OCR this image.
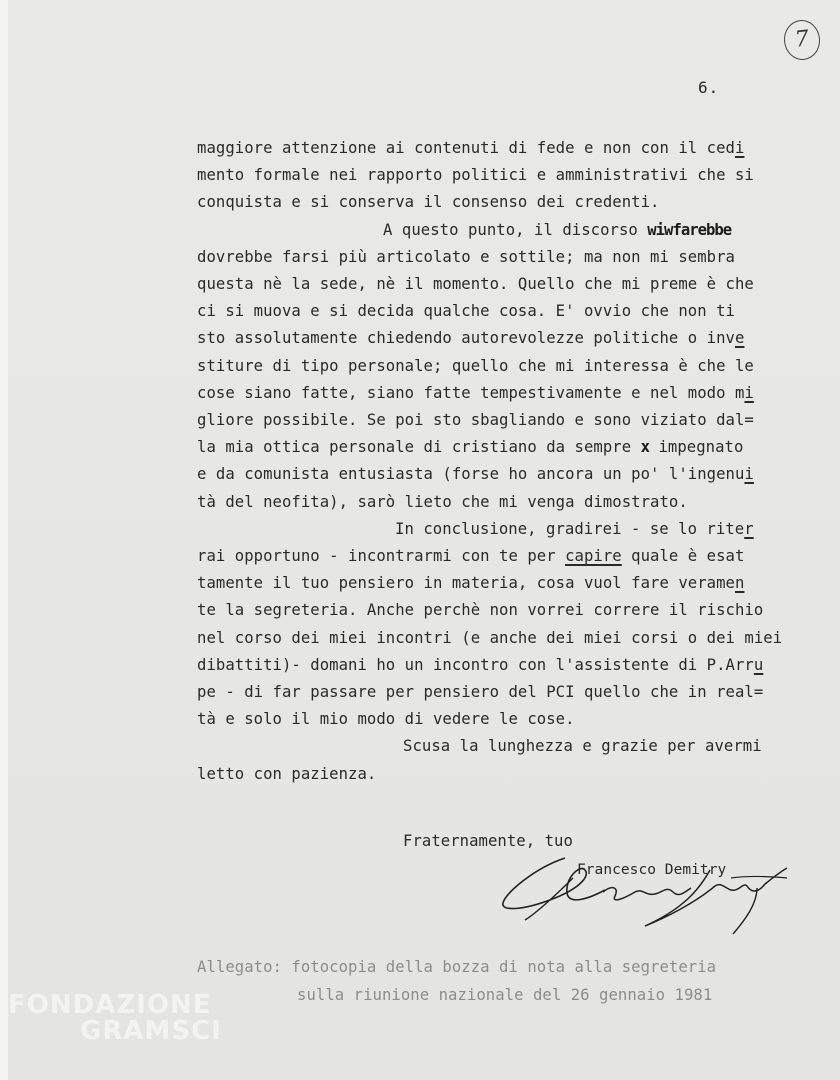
7
6.
maggiore attenzione ai contenuti di fede e non con il cedi
mento formale nei rapporto politici e amministrativi che si
conquista e si conserva il consenso dei credenti.
A questo punto, il discorso wiwfarebbe
dovrebbe farsi più articolato e sottile; ma non mi sembra
questa nè la sede, nè il momento. Quello che mi preme è che
ci si muova e si decida qualche cosa. E' ovvio che non ti
sto assolutamente chiedendo autorevolezze politiche o inve
stiture di tipo personale; quello che mi interessa è che le
cose siano fatte, siano fatte tempestivamente e nel modo mi
gliore possibile. Se poi sto sbagliando e sono viziato dal=
la mia ottica personale di cristiano da sempre x impegnato
e da comunista entusiasta (forse ho ancora un po' l'ingenui
tà del neofita), sarò lieto che mi venga dimostrato.
In conclusione, gradirei - se lo riter
rai opportuno - incontrarmi con te per capire quale è esat
tamente il tuo pensiero in materia, cosa vuol fare veramen
te la segreteria. Anche perchè non vorrei correre il rischio
nel corso dei miei incontri (e anche dei miei corsi o dei miei
dibattiti)- domani ho un incontro con l'assistente di P.Arru
pe - di far passare per pensiero del PCI quello che in real=
tà e solo il mio modo di vedere le cose.
Scusa la lunghezza e grazie per avermi
letto con pazienza.
Fraternamente, tuo
Francesco Demitry
Allegato: fotocopia della bozza di nota alla segreteria
sulla riunione nazionale del 26 gennaio 1981
FONDAZIONE
GRAMSCI
